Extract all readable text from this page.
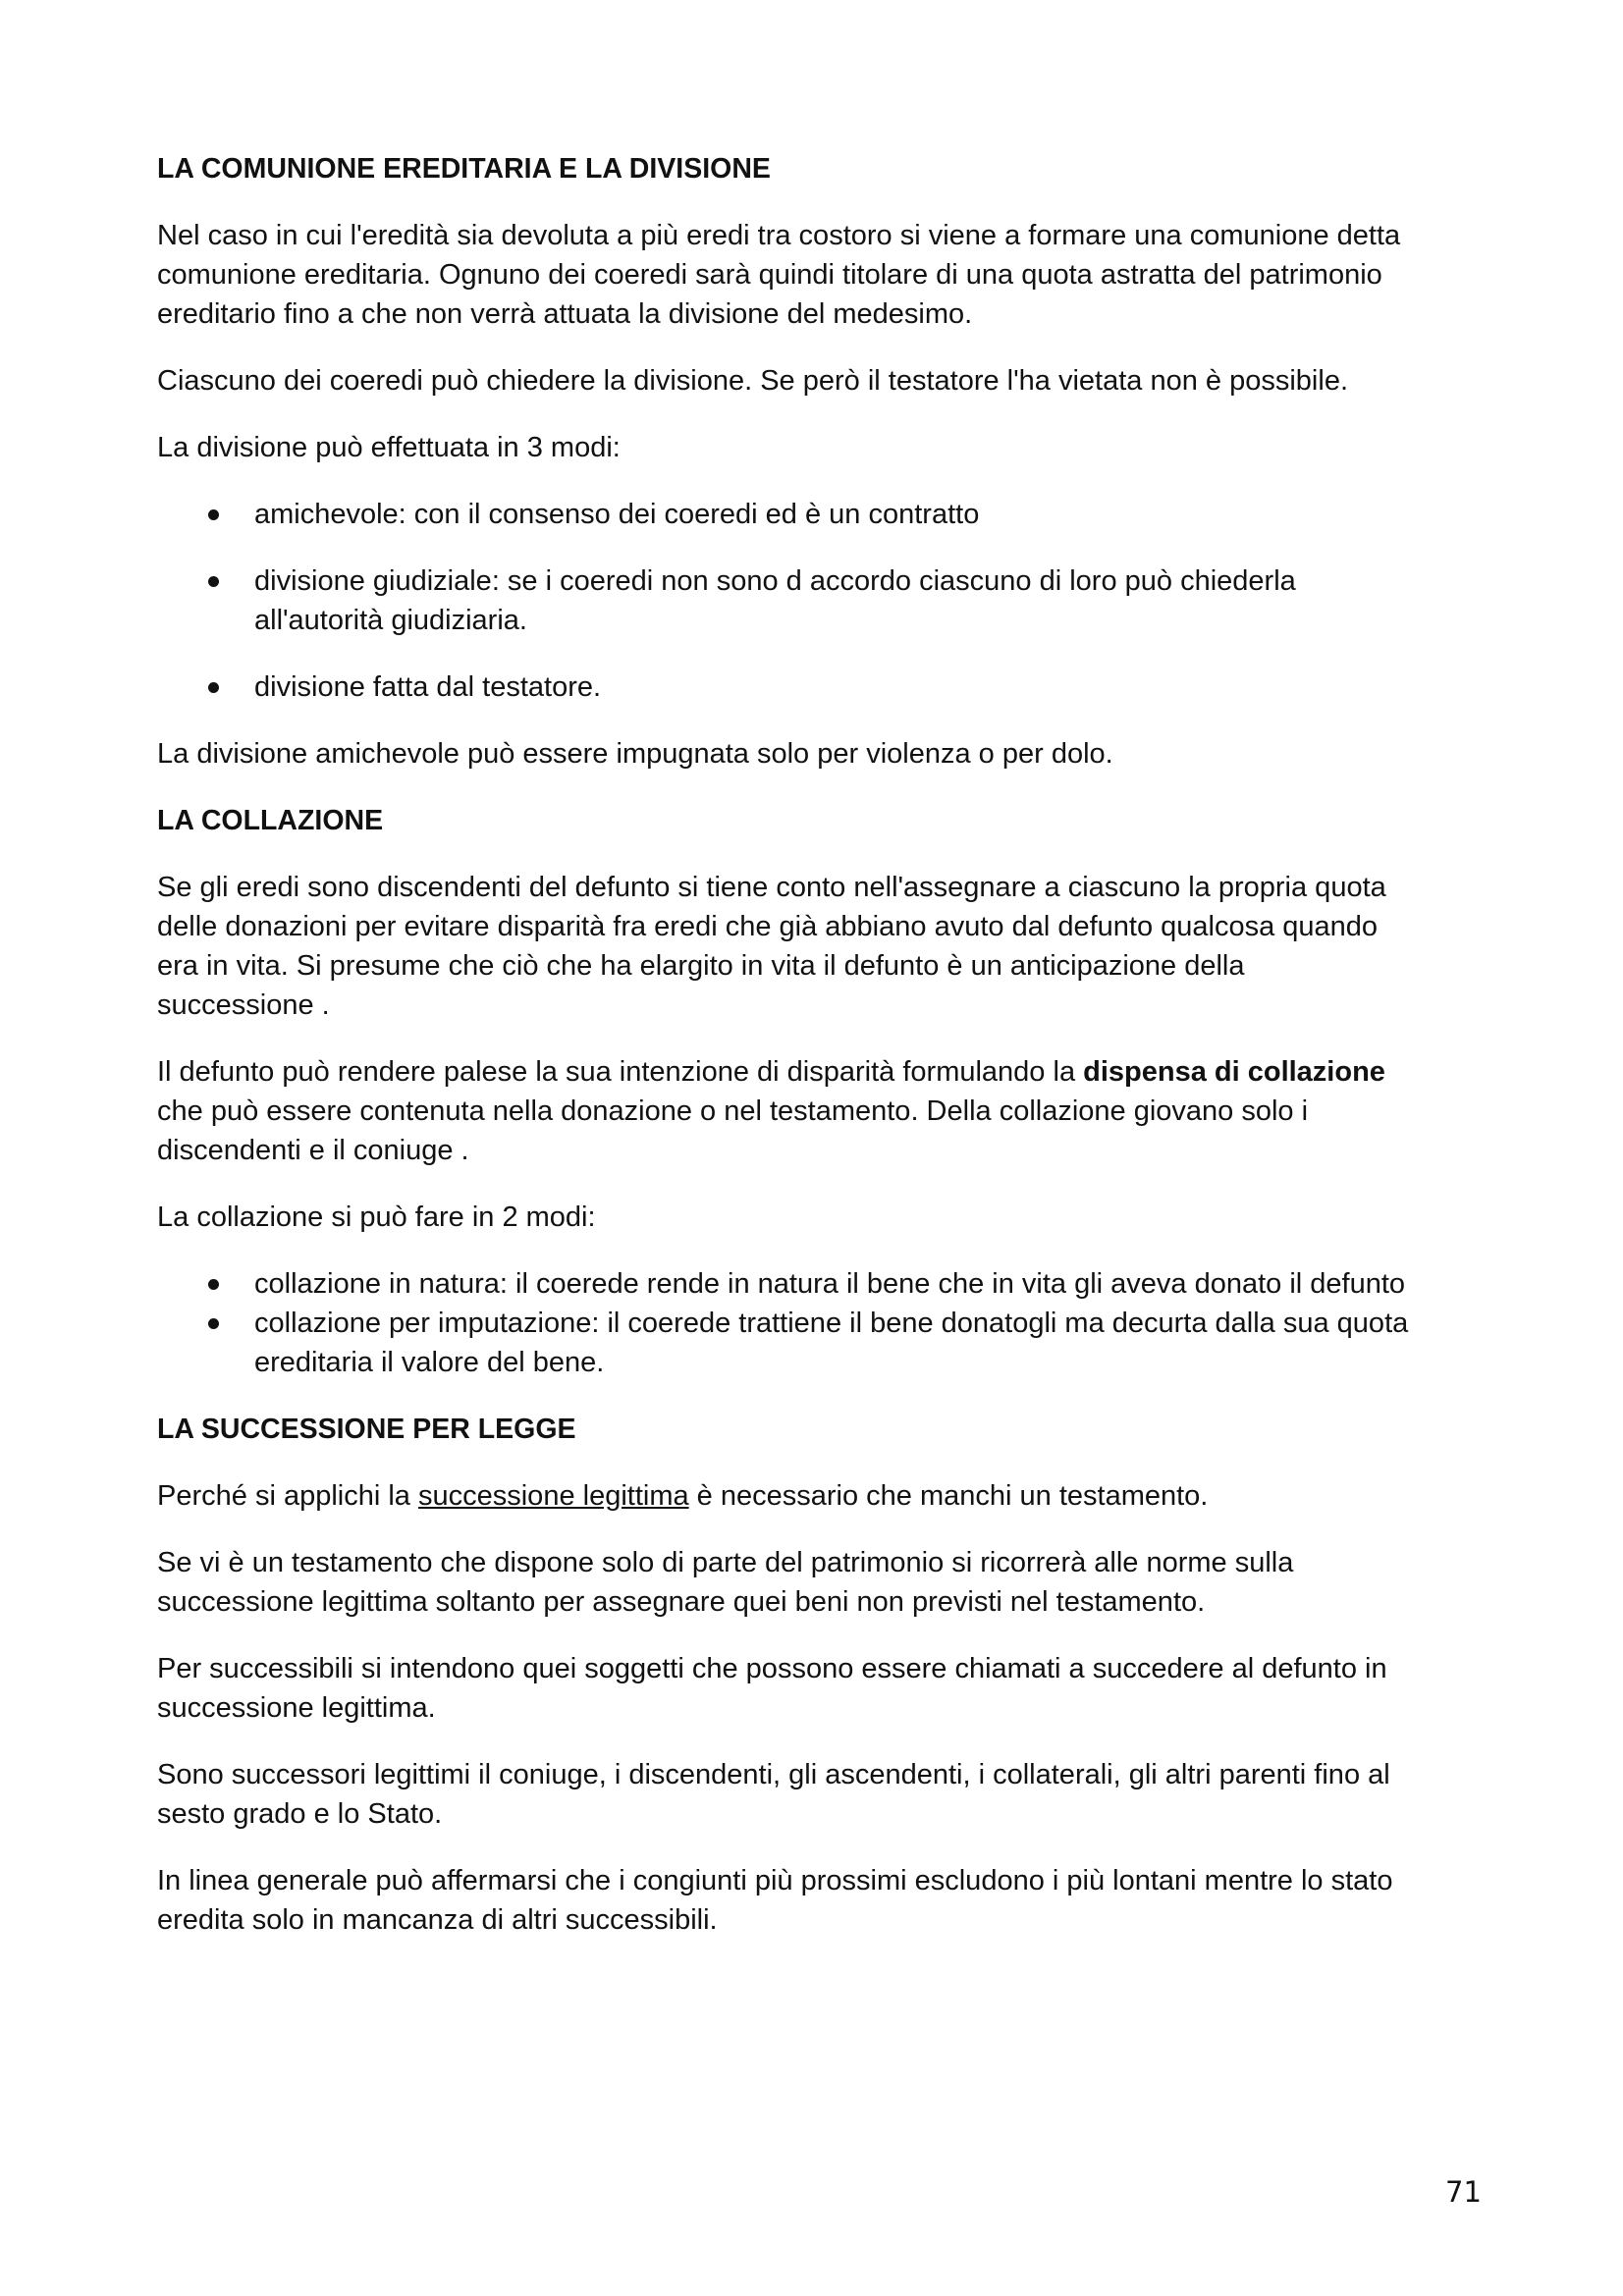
LA COMUNIONE EREDITARIA E LA DIVISIONE

Nel caso in cui l'eredità sia devoluta a più eredi tra costoro si viene a formare una comunione detta
comunione ereditaria. Ognuno dei coeredi sarà quindi titolare di una quota astratta del patrimonio
ereditario fino a che non verrà attuata la divisione del medesimo.

Ciascuno dei coeredi può chiedere la divisione. Se però il testatore l'ha vietata non è possibile.

La divisione può effettuata in 3 modi:

amichevole: con il consenso dei coeredi ed è un contratto
divisione giudiziale: se i coeredi non sono d accordo ciascuno di loro può chiederla
all'autorità giudiziaria.
divisione fatta dal testatore.

La divisione amichevole può essere impugnata solo per violenza o per dolo.

LA COLLAZIONE

Se gli eredi sono discendenti del defunto si tiene conto nell'assegnare a ciascuno la propria quota
delle donazioni per evitare disparità fra eredi che già abbiano avuto dal defunto qualcosa quando
era in vita. Si presume che ciò che ha elargito in vita il defunto è un anticipazione della
successione .

Il defunto può rendere palese la sua intenzione di disparità formulando la dispensa di collazione
che può essere contenuta nella donazione o nel testamento. Della collazione giovano solo i
discendenti e il coniuge .

La collazione si può fare in 2 modi:

collazione in natura: il coerede rende in natura il bene che in vita gli aveva donato il defunto
collazione per imputazione: il coerede trattiene il bene donatogli ma decurta dalla sua quota
ereditaria il valore del bene.
LA SUCCESSIONE PER LEGGE

Perché si applichi la successione legittima è necessario che manchi un testamento.

Se vi è un testamento che dispone solo di parte del patrimonio si ricorrerà alle norme sulla
successione legittima soltanto per assegnare quei beni non previsti nel testamento.

Per successibili si intendono quei soggetti che possono essere chiamati a succedere al defunto in
successione legittima.

Sono successori legittimi il coniuge, i discendenti, gli ascendenti, i collaterali, gli altri parenti fino al
sesto grado e lo Stato.

In linea generale può affermarsi che i congiunti più prossimi escludono i più lontani mentre lo stato
eredita solo in mancanza di altri successibili.

71
